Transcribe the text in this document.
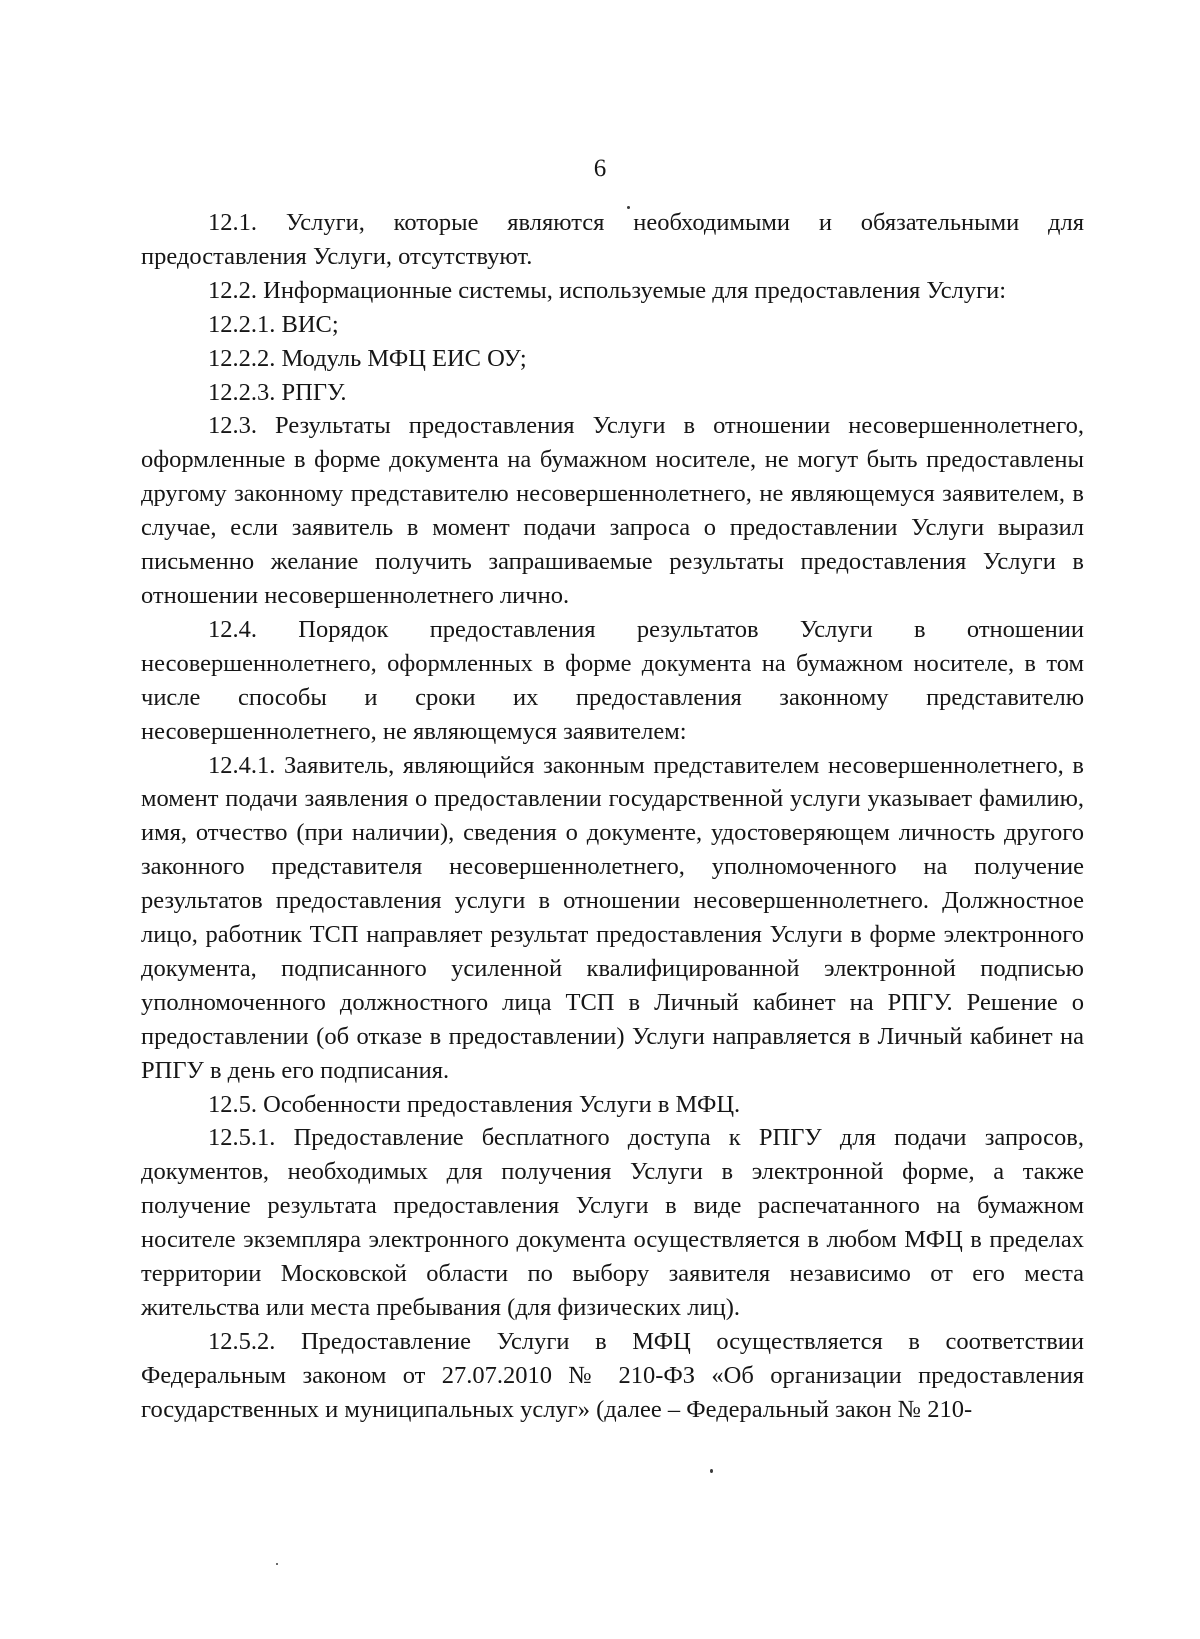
6

12.1. Услуги, которые являются необходимыми и обязательными для предоставления Услуги, отсутствуют.

12.2. Информационные системы, используемые для предоставления Услуги:

12.2.1. ВИС;

12.2.2. Модуль МФЦ ЕИС ОУ;

12.2.3. РПГУ.

12.3. Результаты предоставления Услуги в отношении несовершеннолетнего, оформленные в форме документа на бумажном носителе, не могут быть предоставлены другому законному представителю несовершеннолетнего, не являющемуся заявителем, в случае, если заявитель в момент подачи запроса о предоставлении Услуги выразил письменно желание получить запрашиваемые результаты предоставления Услуги в отношении несовершеннолетнего лично.

12.4. Порядок предоставления результатов Услуги в отношении несовершеннолетнего, оформленных в форме документа на бумажном носителе, в том числе способы и сроки их предоставления законному представителю несовершеннолетнего, не являющемуся заявителем:

12.4.1. Заявитель, являющийся законным представителем несовершеннолетнего, в момент подачи заявления о предоставлении государственной услуги указывает фамилию, имя, отчество (при наличии), сведения о документе, удостоверяющем личность другого законного представителя несовершеннолетнего, уполномоченного на получение результатов предоставления услуги в отношении несовершеннолетнего. Должностное лицо, работник ТСП направляет результат предоставления Услуги в форме электронного документа, подписанного усиленной квалифицированной электронной подписью уполномоченного должностного лица ТСП в Личный кабинет на РПГУ. Решение о предоставлении (об отказе в предоставлении) Услуги направляется в Личный кабинет на РПГУ в день его подписания.

12.5. Особенности предоставления Услуги в МФЦ.

12.5.1. Предоставление бесплатного доступа к РПГУ для подачи запросов, документов, необходимых для получения Услуги в электронной форме, а также получение результата предоставления Услуги в виде распечатанного на бумажном носителе экземпляра электронного документа осуществляется в любом МФЦ в пределах территории Московской области по выбору заявителя независимо от его места жительства или места пребывания (для физических лиц).

12.5.2. Предоставление Услуги в МФЦ осуществляется в соответствии Федеральным законом от 27.07.2010 № 210-ФЗ «Об организации предоставления государственных и муниципальных услуг» (далее – Федеральный закон № 210-
